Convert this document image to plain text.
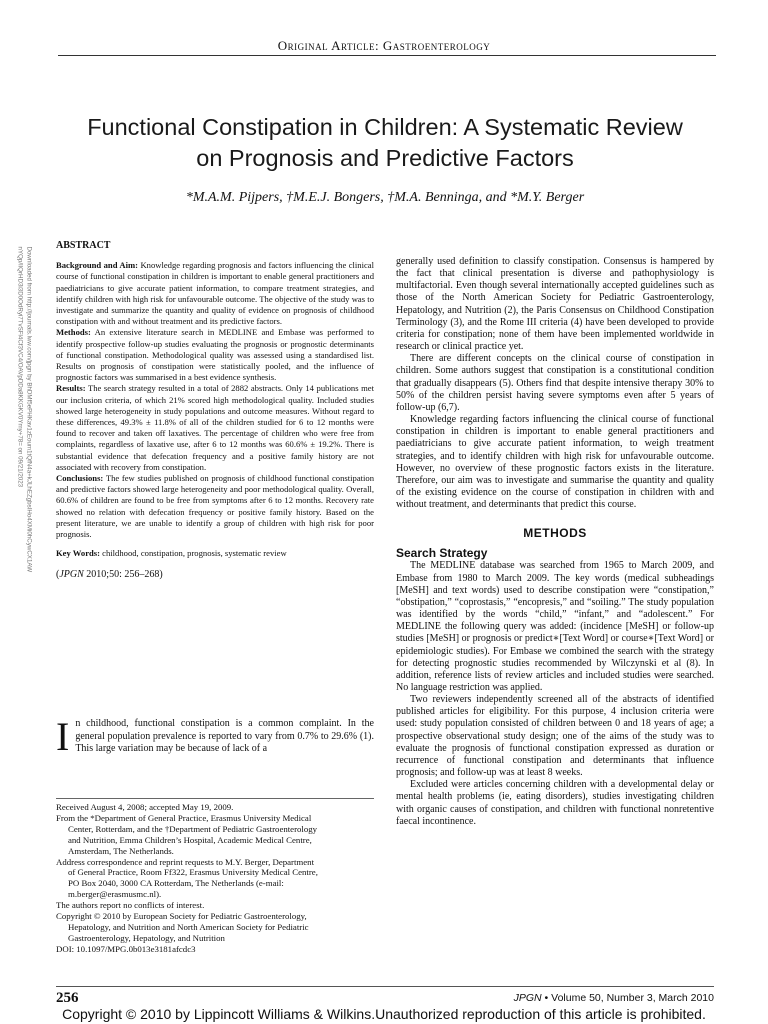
Original Article: Gastroenterology
Functional Constipation in Children: A Systematic Review
on Prognosis and Predictive Factors
*M.A.M. Pijpers, †M.E.J. Bongers, †M.A. Benninga, and *M.Y. Berger
Downloaded from http://journals.lww.com/jpgn by BhDMf5ePHKav1zEoum1tQfN4a+kJLhEZgbsIHo4XMi0hCywCX1AW
nYQp/IlQrHD3i3D0OdRyi7TvSFl4Cf3VC4/OAVpDDa8KKGKV0Ymy+78= on 09/21/2023
ABSTRACT

Background and Aim: Knowledge regarding prognosis and factors influencing the clinical course of functional constipation in children is important to enable general practitioners and paediatricians to give accurate patient information, to compare treatment strategies, and identify children with high risk for unfavourable outcome. The objective of the study was to investigate and summarize the quantity and quality of evidence on prognosis of childhood constipation with and without treatment and its predictive factors.

Methods: An extensive literature search in MEDLINE and Embase was performed to identify prospective follow-up studies evaluating the prognosis or prognostic determinants of functional constipation. Methodological quality was assessed using a standardised list. Results on prognosis of constipation were statistically pooled, and the influence of prognostic factors was summarised in a best evidence synthesis.

Results: The search strategy resulted in a total of 2882 abstracts. Only 14 publications met our inclusion criteria, of which 21% scored high methodological quality. Included studies showed large heterogeneity in study populations and outcome measures. Without regard to these differences, 49.3% ± 11.8% of all of the children studied for 6 to 12 months were found to recover and taken off laxatives. The percentage of children who were free from complaints, regardless of laxative use, after 6 to 12 months was 60.6% ± 19.2%. There is substantial evidence that defecation frequency and a positive family history are not associated with recovery from constipation.

Conclusions: The few studies published on prognosis of childhood functional constipation and predictive factors showed large heterogeneity and poor methodological quality. Overall, 60.6% of children are found to be free from symptoms after 6 to 12 months. Recovery rate showed no relation with defecation frequency or positive family history. Based on the present literature, we are unable to identify a group of children with high risk for poor prognosis.

Key Words: childhood, constipation, prognosis, systematic review

(JPGN 2010;50: 256–268)

I n childhood, functional constipation is a common complaint. In the general population prevalence is reported to vary from 0.7% to 29.6% (1). This large variation may be because of lack of a

Received August 4, 2008; accepted May 19, 2009.

From the *Department of General Practice, Erasmus University Medical

Center, Rotterdam, and the †Department of Pediatric Gastroenterology

and Nutrition, Emma Children’s Hospital, Academic Medical Centre,

Amsterdam, The Netherlands.

Address correspondence and reprint requests to M.Y. Berger, Department

of General Practice, Room Ff322, Erasmus University Medical Centre,

PO Box 2040, 3000 CA Rotterdam, The Netherlands (e-mail:

m.berger@erasmusmc.nl).

The authors report no conflicts of interest.

Copyright © 2010 by European Society for Pediatric Gastroenterology,

Hepatology, and Nutrition and North American Society for Pediatric

Gastroenterology, Hepatology, and Nutrition

DOI: 10.1097/MPG.0b013e3181afcdc3

generally used definition to classify constipation. Consensus is hampered by the fact that clinical presentation is diverse and pathophysiology is multifactorial. Even though several internationally accepted guidelines such as those of the North American Society for Pediatric Gastroenterology, Hepatology, and Nutrition (2), the Paris Consensus on Childhood Constipation Terminology (3), and the Rome III criteria (4) have been developed to provide criteria for constipation; none of them have been implemented worldwide in research or clinical practice yet.

There are different concepts on the clinical course of constipation in children. Some authors suggest that constipation is a constitutional condition that gradually disappears (5). Others find that despite intensive therapy 30% to 50% of the children persist having severe symptoms even after 5 years of follow-up (6,7).

Knowledge regarding factors influencing the clinical course of functional constipation in children is important to enable general practitioners and paediatricians to give accurate patient information, to weigh treatment strategies, and to identify children with high risk for unfavourable outcome. However, no overview of these prognostic factors exists in the literature. Therefore, our aim was to investigate and summarise the quantity and quality of the existing evidence on the course of constipation in children with and without treatment, and determinants that predict this course.

METHODS
Search Strategy

The MEDLINE database was searched from 1965 to March 2009, and Embase from 1980 to March 2009. The key words (medical subheadings [MeSH] and text words) used to describe constipation were “constipation,” “obstipation,” “coprostasis,” “encopresis,” and “soiling.” The study population was identified by the words “child,” “infant,” and “adolescent.” For MEDLINE the following query was added: (incidence [MeSH] or follow-up studies [MeSH] or prognosis or predict∗[Text Word] or course∗[Text Word] or epidemiologic studies). For Embase we combined the search with the strategy for detecting prognostic studies recommended by Wilczynski et al (8). In addition, reference lists of review articles and included studies were searched. No language restriction was applied.

Two reviewers independently screened all of the abstracts of identified published articles for eligibility. For this purpose, 4 inclusion criteria were used: study population consisted of children between 0 and 18 years of age; a prospective observational study design; one of the aims of the study was to evaluate the prognosis of functional constipation expressed as duration or recurrence of functional constipation and determinants that influence prognosis; and follow-up was at least 8 weeks.

Excluded were articles concerning children with a developmental delay or mental health problems (ie, eating disorders), studies investigating children with organic causes of constipation, and children with functional nonretentive faecal incontinence.

256	JPGN • Volume 50, Number 3, March 2010
Copyright © 2010 by Lippincott Williams & Wilkins.Unauthorized reproduction of this article is prohibited.
